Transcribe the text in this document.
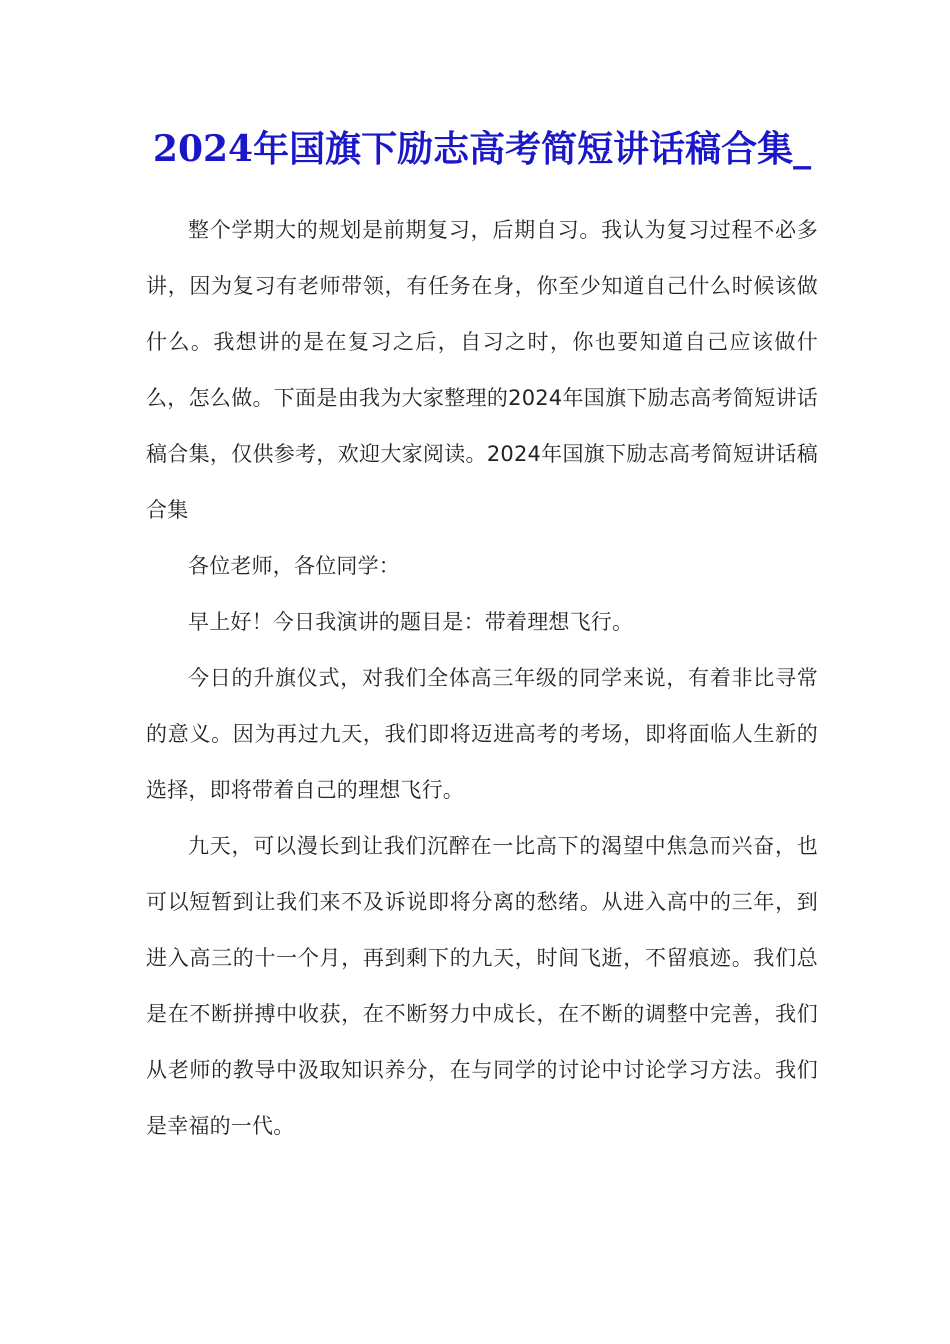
2024年国旗下励志高考简短讲话稿合集_

整个学期大的规划是前期复习，后期自习。我认为复习过程不必多讲，因为复习有老师带领，有任务在身，你至少知道自己什么时候该做什么。我想讲的是在复习之后，自习之时，你也要知道自己应该做什么，怎么做。下面是由我为大家整理的2024年国旗下励志高考简短讲话稿合集，仅供参考，欢迎大家阅读。2024年国旗下励志高考简短讲话稿合集

各位老师，各位同学：

早上好！今日我演讲的题目是：带着理想飞行。

今日的升旗仪式，对我们全体高三年级的同学来说，有着非比寻常的意义。因为再过九天，我们即将迈进高考的考场，即将面临人生新的选择，即将带着自己的理想飞行。

九天，可以漫长到让我们沉醉在一比高下的渴望中焦急而兴奋，也可以短暂到让我们来不及诉说即将分离的愁绪。从进入高中的三年，到进入高三的十一个月，再到剩下的九天，时间飞逝，不留痕迹。我们总是在不断拼搏中收获，在不断努力中成长，在不断的调整中完善，我们从老师的教导中汲取知识养分，在与同学的讨论中讨论学习方法。我们是幸福的一代。
